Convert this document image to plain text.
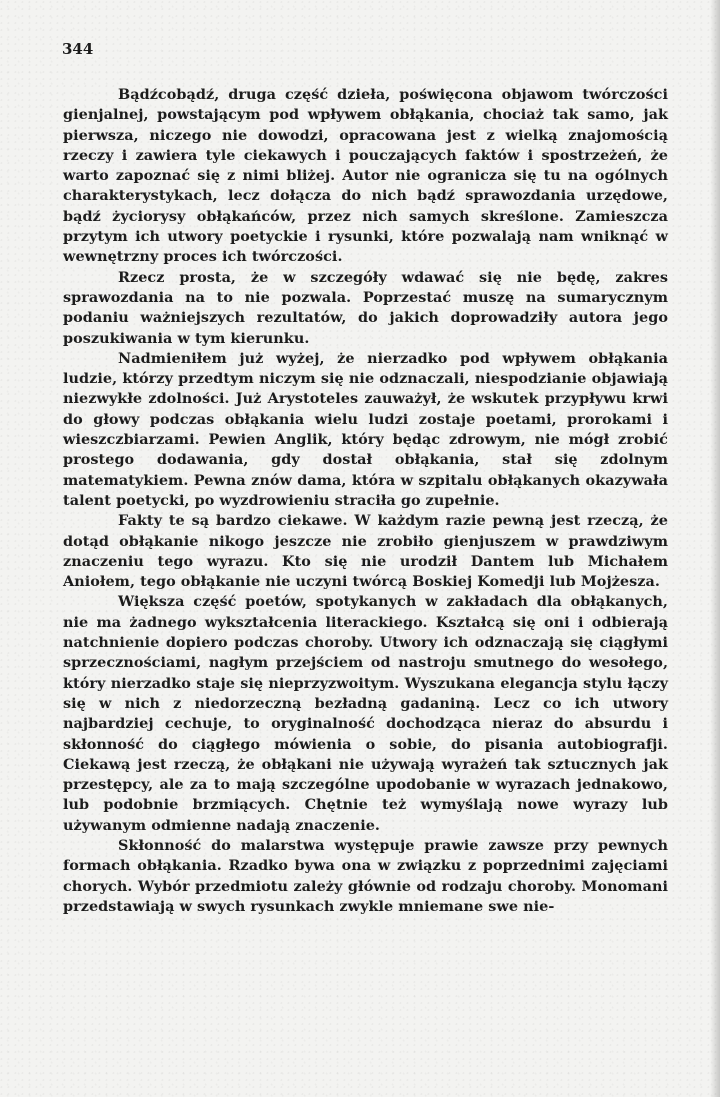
344

Bądźcobądź, druga część dzieła, poświęcona objawom twórczości gienjalnej, powstającym pod wpływem obłąkania, chociaż tak samo, jak pierwsza, niczego nie dowodzi, opracowana jest z wielką znajomością rzeczy i zawiera tyle ciekawych i pouczających faktów i spostrzeżeń, że warto zapoznać się z nimi bliżej. Autor nie ogranicza się tu na ogólnych charakterystykach, lecz dołącza do nich bądź sprawozdania urzędowe, bądź życiorysy obłąkańców, przez nich samych skreślone. Zamieszcza przytym ich utwory poetyckie i rysunki, które pozwalają nam wniknąć w wewnętrzny proces ich twórczości.

Rzecz prosta, że w szczegóły wdawać się nie będę, zakres sprawozdania na to nie pozwala. Poprzestać muszę na sumarycznym podaniu ważniejszych rezultatów, do jakich doprowadziły autora jego poszukiwania w tym kierunku.

Nadmieniłem już wyżej, że nierzadko pod wpływem obłąkania ludzie, którzy przedtym niczym się nie odznaczali, niespodzianie objawiają niezwykłe zdolności. Już Arystoteles zauważył, że wskutek przypływu krwi do głowy podczas obłąkania wielu ludzi zostaje poetami, prorokami i wieszczbiarzami. Pewien Anglik, który będąc zdrowym, nie mógł zrobić prostego dodawania, gdy dostał obłąkania, stał się zdolnym matematykiem. Pewna znów dama, która w szpitalu obłąkanych okazywała talent poetycki, po wyzdrowieniu straciła go zupełnie.

Fakty te są bardzo ciekawe. W każdym razie pewną jest rzeczą, że dotąd obłąkanie nikogo jeszcze nie zrobiło gienjuszem w prawdziwym znaczeniu tego wyrazu. Kto się nie urodził Dantem lub Michałem Aniołem, tego obłąkanie nie uczyni twórcą Boskiej Komedji lub Mojżesza.

Większa część poetów, spotykanych w zakładach dla obłąkanych, nie ma żadnego wykształcenia literackiego. Kształcą się oni i odbierają natchnienie dopiero podczas choroby. Utwory ich odznaczają się ciągłymi sprzecznościami, nagłym przejściem od nastroju smutnego do wesołego, który nierzadko staje się nieprzyzwoitym. Wyszukana elegancja stylu łączy się w nich z niedorzeczną bezładną gadaniną. Lecz co ich utwory najbardziej cechuje, to oryginalność dochodząca nieraz do absurdu i skłonność do ciągłego mówienia o sobie, do pisania autobiografji. Ciekawą jest rzeczą, że obłąkani nie używają wyrażeń tak sztucznych jak przestępcy, ale za to mają szczególne upodobanie w wyrazach jednakowo, lub podobnie brzmiących. Chętnie też wymyślają nowe wyrazy lub używanym odmienne nadają znaczenie.

Skłonność do malarstwa występuje prawie zawsze przy pewnych formach obłąkania. Rzadko bywa ona w związku z poprzednimi zajęciami chorych. Wybór przedmiotu zależy głównie od rodzaju choroby. Monomani przedstawiają w swych rysunkach zwykle mniemane swe nie-
